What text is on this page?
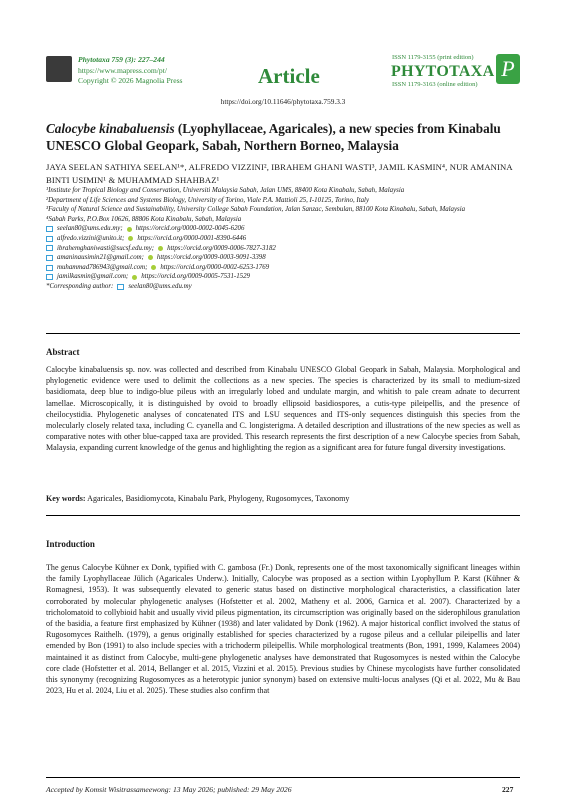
Phytotaxa 759 (3): 227–244
https://www.mapress.com/pt/
Copyright © 2026 Magnolia Press	Article
ISSN 1179-3155 (print edition)
PHYTOTAXA
ISSN 1179-3163 (online edition)
P
https://doi.org/10.11646/phytotaxa.759.3.3
Calocybe kinabaluensis (Lyophyllaceae, Agaricales), a new species from Kinabalu UNESCO Global Geopark, Sabah, Northern Borneo, Malaysia
JAYA SEELAN SATHIYA SEELAN¹*, ALFREDO VIZZINI², IBRAHEM GHANI WASTI³, JAMIL KASMIN⁴, NUR AMANINA BINTI USIMIN¹ & MUHAMMAD SHAHBAZ¹
¹Institute for Tropical Biology and Conservation, Universiti Malaysia Sabah, Jalan UMS, 88400 Kota Kinabalu, Sabah, Malaysia
²Department of Life Sciences and Systems Biology, University of Torino, Viale P.A. Mattioli 25, I-10125, Torino, Italy
³Faculty of Natural Science and Sustainability, University College Sabah Foundation, Jalan Sanzac, Sembulan, 88100 Kota Kinabalu, Sabah, Malaysia
⁴Sabah Parks, P.O.Box 10626, 88806 Kota Kinabalu, Sabah, Malaysia
seelan80@ums.edu.my; https://orcid.org/0000-0002-0045-6206
alfredo.vizzini@unito.it; https://orcid.org/0000-0001-8390-6446
ibrahemghaniwasti@sucsf.edu.my; https://orcid.org/0009-0006-7827-3182
amaninausimin21@gmail.com; https://orcid.org/0009-0003-9091-3398
muhammad786943@gmail.com; https://orcid.org/0000-0002-6253-1769
jamilkasmin@gmail.com; https://orcid.org/0009-0005-7531-1529
*Corresponding author: seelan80@ums.edu.my
Abstract
Calocybe kinabaluensis sp. nov. was collected and described from Kinabalu UNESCO Global Geopark in Sabah, Malaysia. Morphological and phylogenetic evidence were used to delimit the collections as a new species. The species is characterized by its small to medium-sized basidiomata, deep blue to indigo-blue pileus with an irregularly lobed and undulate margin, and whitish to pale cream adnate to decurrent lamellae. Microscopically, it is distinguished by ovoid to broadly ellipsoid basidiospores, a cutis-type pileipellis, and the presence of cheilocystidia. Phylogenetic analyses of concatenated ITS and LSU sequences and ITS-only sequences distinguish this species from the molecularly closely related taxa, including C. cyanella and C. longisterigma. A detailed description and illustrations of the new species as well as comparative notes with other blue-capped taxa are provided. This research represents the first description of a new Calocybe species from Sabah, Malaysia, expanding current knowledge of the genus and highlighting the region as a significant area for future fungal diversity investigations.
Key words: Agaricales, Basidiomycota, Kinabalu Park, Phylogeny, Rugosomyces, Taxonomy
Introduction
The genus Calocybe Kühner ex Donk, typified with C. gambosa (Fr.) Donk, represents one of the most taxonomically significant lineages within the family Lyophyllaceae Jülich (Agaricales Underw.). Initially, Calocybe was proposed as a section within Lyophyllum P. Karst (Kühner & Romagnesi, 1953). It was subsequently elevated to generic status based on distinctive morphological characteristics, a classification later corroborated by molecular phylogenetic analyses (Hofstetter et al. 2002, Matheny et al. 2006, Garnica et al. 2007). Characterized by a tricholomatoid to collybioid habit and usually vivid pileus pigmentation, its circumscription was originally based on the siderophilous granulation of the basidia, a feature first emphasized by Kühner (1938) and later validated by Donk (1962). A major historical conflict involved the status of Rugosomyces Raithelh. (1979), a genus originally established for species characterized by a rugose pileus and a cellular pileipellis and later emended by Bon (1991) to also include species with a trichoderm pileipellis. While morphological treatments (Bon, 1991, 1999, Kalamees 2004) maintained it as distinct from Calocybe, multi-gene phylogenetic analyses have demonstrated that Rugosomyces is nested within the Calocybe core clade (Hofstetter et al. 2014, Bellanger et al. 2015, Vizzini et al. 2015). Previous studies by Chinese mycologists have further consolidated this synonymy (recognizing Rugosomyces as a heterotypic junior synonym) based on extensive multi-locus analyses (Qi et al. 2022, Mu & Bau 2023, Hu et al. 2024, Liu et al. 2025). These studies also confirm that
Accepted by Komsit Wisitrassameewong: 13 May 2026; published: 29 May 2026	227
